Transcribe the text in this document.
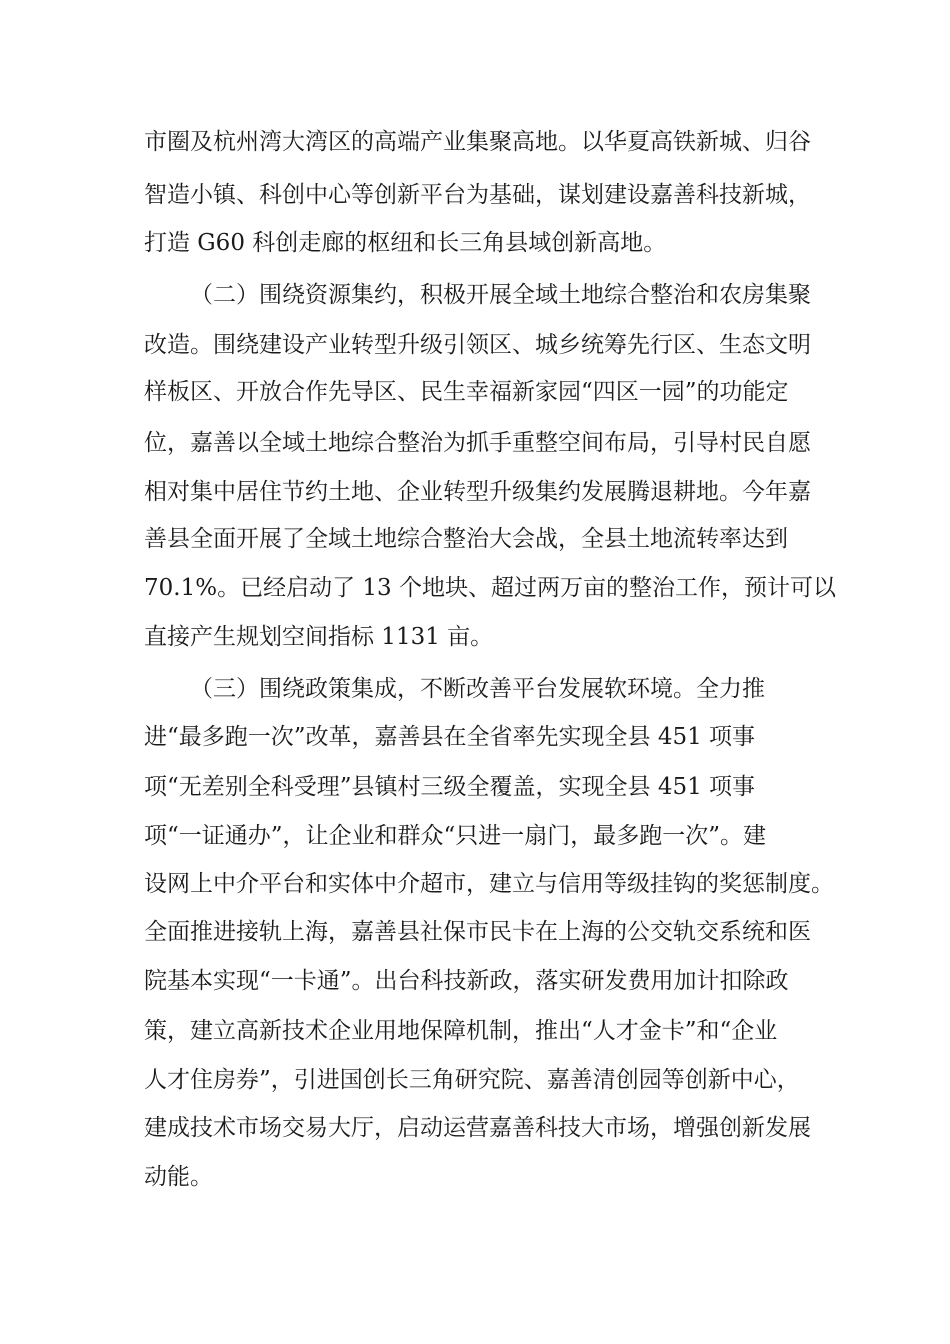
市圈及杭州湾大湾区的高端产业集聚高地。以华夏高铁新城、归谷
智造小镇、科创中心等创新平台为基础，谋划建设嘉善科技新城，
打造 G60 科创走廊的枢纽和长三角县域创新高地。
（二）围绕资源集约，积极开展全域土地综合整治和农房集聚
改造。围绕建设产业转型升级引领区、城乡统筹先行区、生态文明
样板区、开放合作先导区、民生幸福新家园“四区一园”的功能定
位，嘉善以全域土地综合整治为抓手重整空间布局，引导村民自愿
相对集中居住节约土地、企业转型升级集约发展腾退耕地。今年嘉
善县全面开展了全域土地综合整治大会战，全县土地流转率达到
70.1%。已经启动了 13 个地块、超过两万亩的整治工作，预计可以
直接产生规划空间指标 1131 亩。
（三）围绕政策集成，不断改善平台发展软环境。全力推
进“最多跑一次”改革，嘉善县在全省率先实现全县 451 项事
项“无差别全科受理”县镇村三级全覆盖，实现全县 451 项事
项“一证通办”，让企业和群众“只进一扇门，最多跑一次”。建
设网上中介平台和实体中介超市，建立与信用等级挂钩的奖惩制度。
全面推进接轨上海，嘉善县社保市民卡在上海的公交轨交系统和医
院基本实现“一卡通”。出台科技新政，落实研发费用加计扣除政
策，建立高新技术企业用地保障机制，推出“人才金卡”和“企业
人才住房券”，引进国创长三角研究院、嘉善清创园等创新中心，
建成技术市场交易大厅，启动运营嘉善科技大市场，增强创新发展
动能。
